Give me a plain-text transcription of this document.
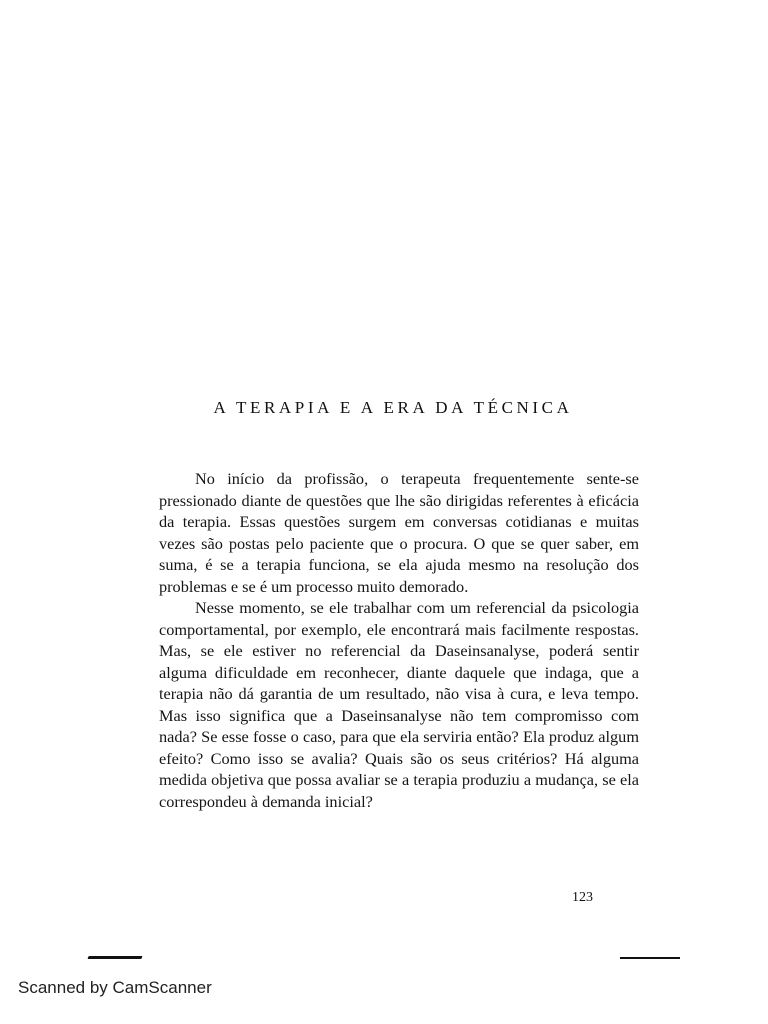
A TERAPIA E A ERA DA TÉCNICA

No início da profissão, o terapeuta frequentemente sente-se pressionado diante de questões que lhe são dirigidas referentes à eficácia da terapia. Essas questões surgem em conversas cotidianas e muitas vezes são postas pelo paciente que o procura. O que se quer saber, em suma, é se a terapia funciona, se ela ajuda mesmo na resolução dos problemas e se é um processo muito demorado.

Nesse momento, se ele trabalhar com um referencial da psicologia comportamental, por exemplo, ele encontrará mais facilmente respostas. Mas, se ele estiver no referencial da Daseinsanalyse, poderá sentir alguma dificuldade em reconhecer, diante daquele que indaga, que a terapia não dá garantia de um resultado, não visa à cura, e leva tempo. Mas isso significa que a Daseinsanalyse não tem compromisso com nada? Se esse fosse o caso, para que ela serviria então? Ela produz algum efeito? Como isso se avalia? Quais são os seus critérios? Há alguma medida objetiva que possa avaliar se a terapia produziu a mudança, se ela correspondeu à demanda inicial?

123
Scanned by CamScanner
